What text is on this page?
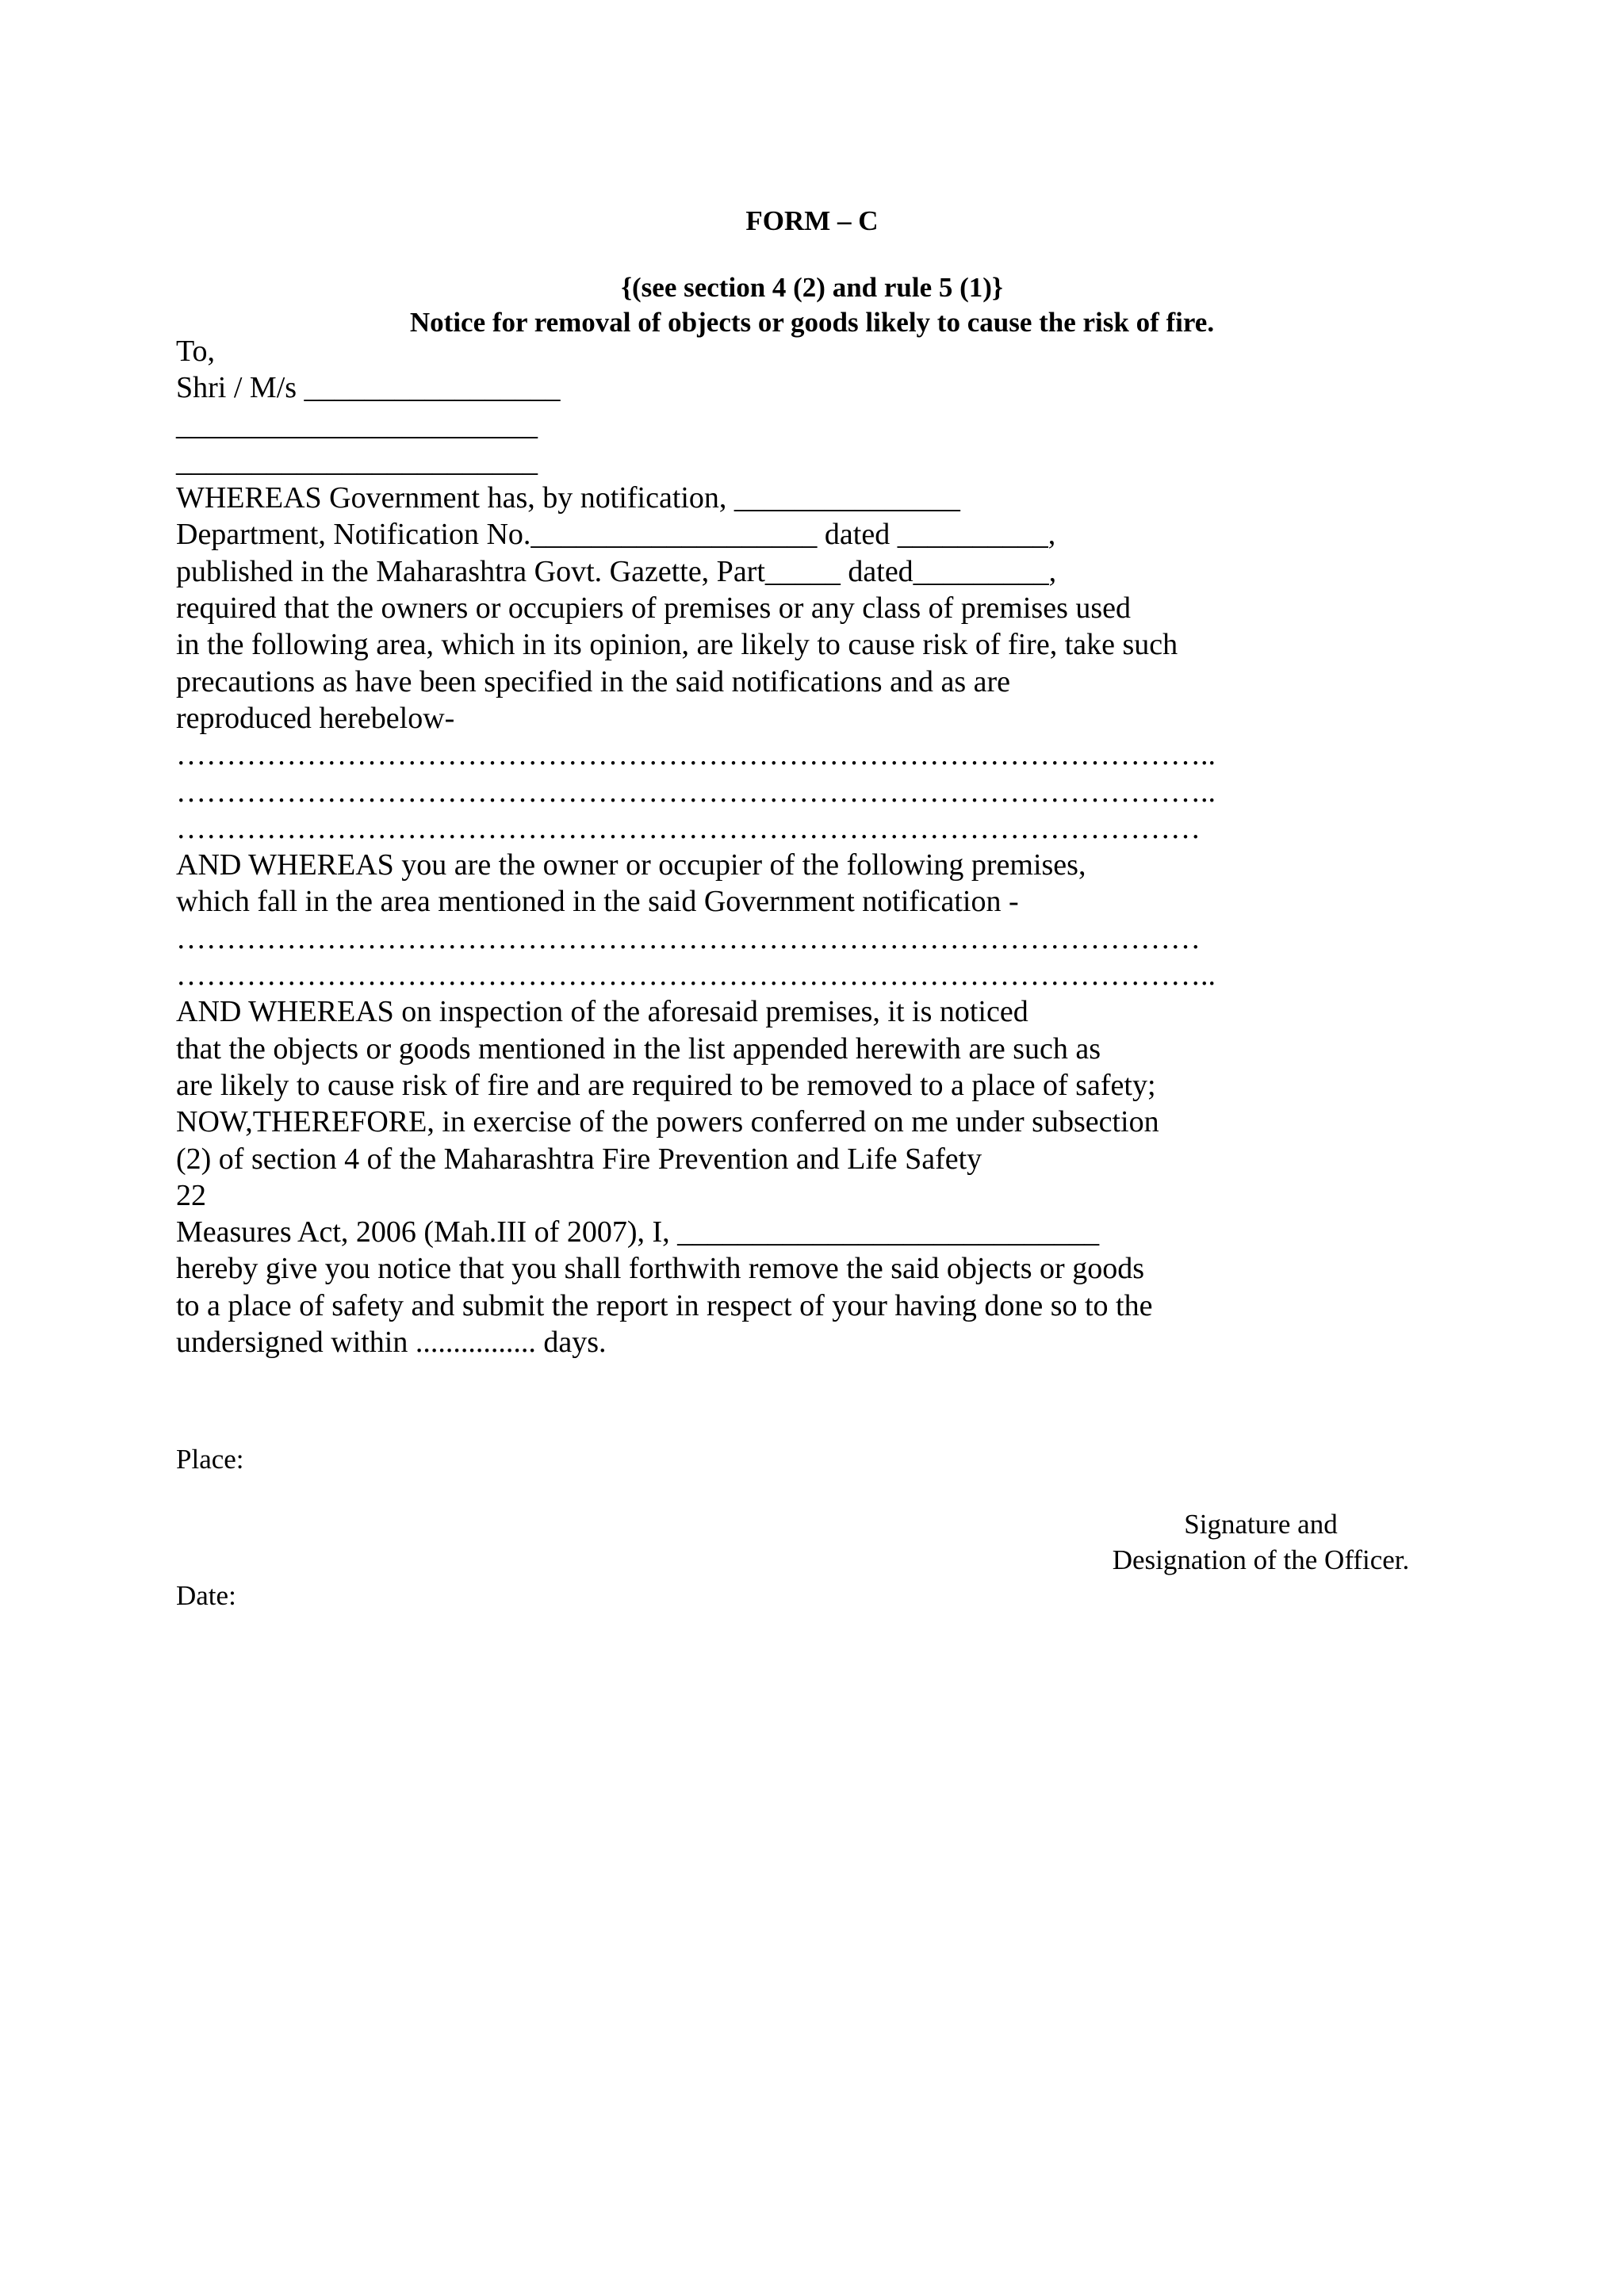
FORM – C
{(see section 4 (2) and rule 5 (1)}
Notice for removal of objects or goods likely to cause the risk of fire.
To,
Shri / M/s _________________
________________________
________________________
WHEREAS Government has, by notification, _______________
Department, Notification No.___________________ dated __________,
published in the Maharashtra Govt. Gazette, Part_____ dated_________,
required that the owners or occupiers of premises or any class of premises used
in the following area, which in its opinion, are likely to cause risk of fire, take such
precautions as have been specified in the said notifications and as are
reproduced herebelow-
…………………………………………………………………………………………..
…………………………………………………………………………………………..
…………………………………………………………………………………………
AND WHEREAS you are the owner or occupier of the following premises,
which fall in the area mentioned in the said Government notification -
…………………………………………………………………………………………
…………………………………………………………………………………………..
AND WHEREAS on inspection of the aforesaid premises, it is noticed
that the objects or goods mentioned in the list appended herewith are such as
are likely to cause risk of fire and are required to be removed to a place of safety;
NOW,THEREFORE, in exercise of the powers conferred on me under subsection
(2) of section 4 of the Maharashtra Fire Prevention and Life Safety
22
Measures Act, 2006 (Mah.III of 2007), I, ____________________________
hereby give you notice that you shall forthwith remove the said objects or goods
to a place of safety and submit the report in respect of your having done so to the
undersigned within ................ days.
Place:
Signature and
Designation of the Officer.
Date:
